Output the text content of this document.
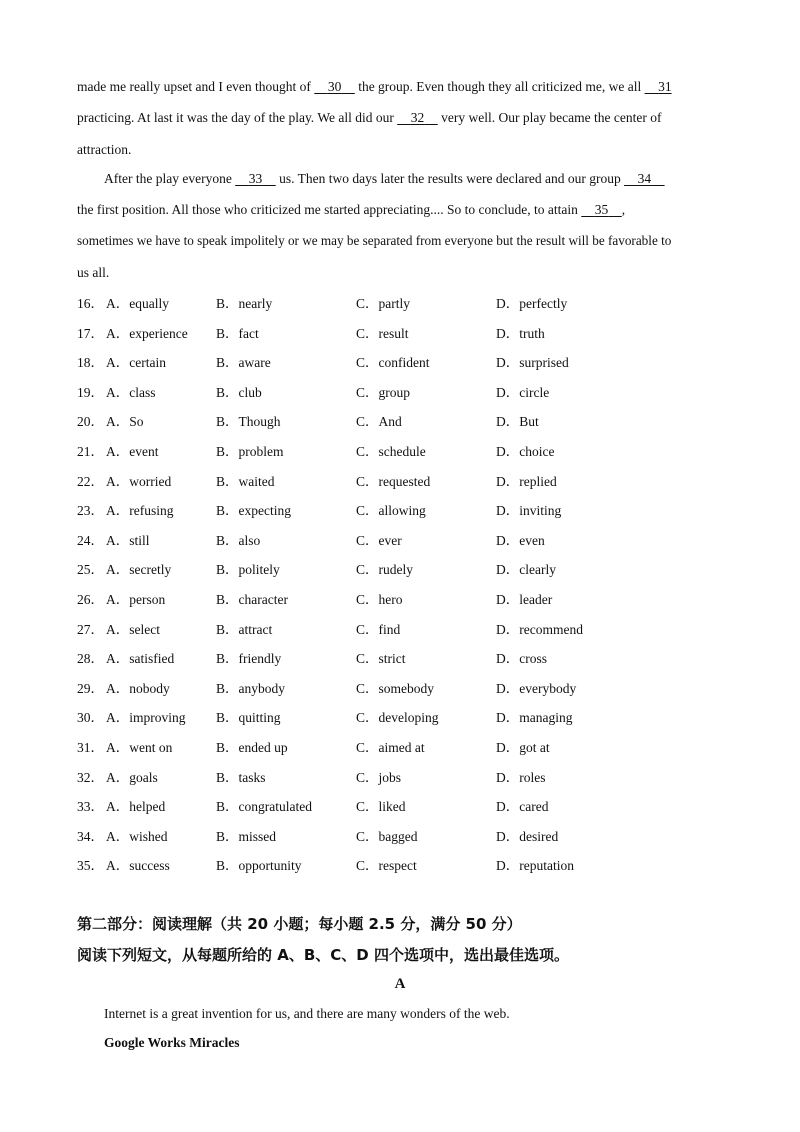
made me really upset and I even thought of     30     the group. Even though they all criticized me, we all     31
practicing. At last it was the day of the play. We all did our     32     very well. Our play became the center of
attraction.
After the play everyone     33     us. Then two days later the results were declared and our group     34
the first position. All those who criticized me started appreciating.... So to conclude, to attain     35 ,
sometimes we have to speak impolitely or we may be separated from everyone but the result will be favorable to
us all.
16． A．equally	B．nearly	C．partly	D．perfectly
17． A．experience B．fact	C．result	D．truth
18． A．certain	B．aware	C．confident	D．surprised
19． A．class	B．club	C．group	D．circle
20． A．So	B．Though	C．And	D．But
21． A．event	B．problem	C．schedule	D．choice
22． A．worried	B．waited	C．requested	D．replied
23． A．refusing	B．expecting	C．allowing	D．inviting
24． A．still	B．also	C．ever	D．even
25． A．secretly	B．politely	C．rudely	D．clearly
26． A．person	B．character	C．hero	D．leader
27． A．select	B．attract	C．find	D．recommend
28． A．satisfied	B．friendly	C．strict	D．cross
29． A．nobody	B．anybody	C．somebody	D．everybody
30． A．improving B．quitting	C．developing	D．managing
31． A．went on	B．ended up	C．aimed at	D．got at
32． A．goals	B．tasks	C．jobs	D．roles
33． A．helped	B．congratulated	C．liked	D．cared
34． A．wished	B．missed	C．bagged	D．desired
35． A．success	B．opportunity	C．respect	D．reputation
第二部分：阅读理解（共 20 小题；每小题 2.5 分，满分 50 分）
阅读下列短文，从每题所给的 A、B、C、D 四个选项中，选出最佳选项。
A
Internet is a great invention for us, and there are many wonders of the web.
Google Works Miracles
